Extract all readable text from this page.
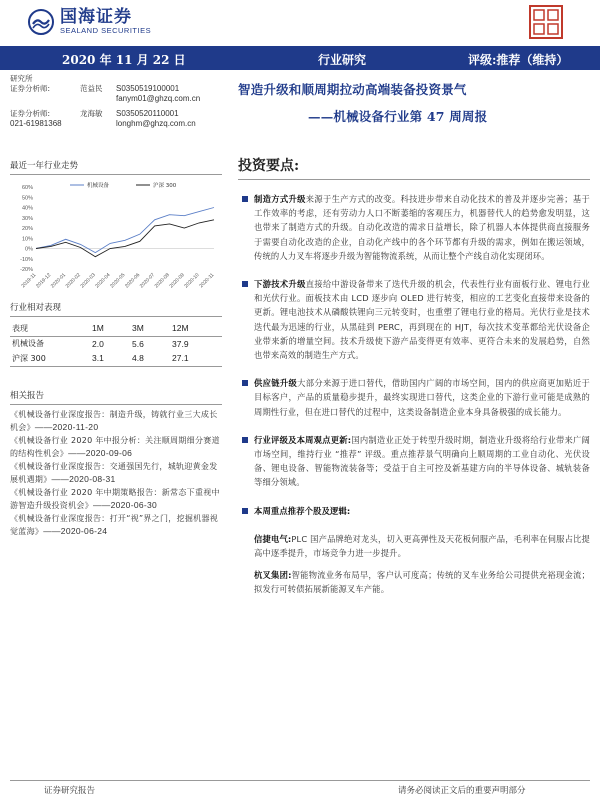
国海证券
SEALAND SECURITIES
2020 年 11 月 22 日	行业研究	评级:推荐（维持）
研究所
证券分析师:	范益民	S0350519100001
fanym01@ghzq.com.cn
证券分析师:	龙海敏	S0350520110001
021-61981368	longhm@ghzq.com.cn
最近一年行业走势
60%
50%
40%
30%
20%
10%
0%
-10%
-20%
2019-11
2019-12
2020-01
2020-02
2020-03
2020-04
2020-05
2020-06
2020-07
2020-08
2020-09
2020-10
2020-11
机械设备	沪深 300
行业相对表现
表现	1M	3M	12M
机械设备	2.0	5.6	37.9
沪深 300	3.1	4.8	27.1
相关报告
《机械设备行业深度报告：制造升级，铸就行业三大成长机会》——2020-11-20
《机械设备行业 2020 年中报分析：关注顺周期细分赛道的结构性机会》——2020-09-06
《机械设备行业深度报告：交通强国先行，城轨迎黄金发展机遇期》——2020-08-31
《机械设备行业 2020 年中期策略报告：新常态下重视中游智造升级投资机会》——2020-06-30
《机械设备行业深度报告：打开“视”界之门，挖掘机器视觉蓝海》——2020-06-24
智造升级和顺周期拉动高端装备投资景气
——机械设备行业第 47 周周报
投资要点:
制造方式升级来源于生产方式的改变。科技进步带来自动化技术的普及并逐步完善；基于工作效率的考虑，还有劳动力人口不断萎缩的客观压力，机器替代人的趋势愈发明显，这也带来了制造方式的升级。自动化改造的需求日益增长，除了机器人本体提供商直接服务于需要自动化改造的企业，自动化产线中的各个环节都有升级的需求，例如在搬运领域，传统的人力叉车将逐步升级为智能物流系统，从而让整个产线自动化实现闭环。
下游技术升级直接给中游设备带来了迭代升级的机会，代表性行业有面板行业、锂电行业和光伏行业。面板技术由 LCD 逐步向 OLED 进行转变，相应的工艺变化直接带来设备的更新。锂电池技术从磷酸铁锂向三元转变时，也重塑了锂电行业的格局。光伏行业是技术迭代最为迅速的行业，从黑硅到 PERC，再到现在的 HJT，每次技术变革都给光伏设备企业带来新的增量空间。技术升级使下游产品变得更有效率、更符合未来的发展趋势，自然也带来高效的制造生产方式。
供应链升级大部分来源于进口替代，借助国内广阔的市场空间，国内的供应商更加贴近于目标客户，产品的质量稳步提升，最终实现进口替代，这类企业的下游行业可能是成熟的周期性行业，但在进口替代的过程中，这类设备制造企业本身具备极强的成长能力。
行业评级及本周观点更新:国内制造业正处于转型升级时期，制造业升级将给行业带来广阔市场空间，维持行业 “推荐” 评级。重点推荐景气明确向上顺周期的工业自动化、光伏设备、锂电设备、智能物流装备等；受益于自主可控及新基建方向的半导体设备、城轨装备等细分领域。
本周重点推荐个股及逻辑:
信捷电气:PLC 国产品牌绝对龙头，切入更高弹性及天花板伺服产品，毛利率在伺服占比提高中逐季提升，市场竞争力进一步提升。
杭叉集团:智能物流业务布局早，客户认可度高；传统的叉车业务给公司提供充裕现金流；拟发行可转债拓展新能源叉车产能。
证券研究报告	请务必阅读正文后的重要声明部分
